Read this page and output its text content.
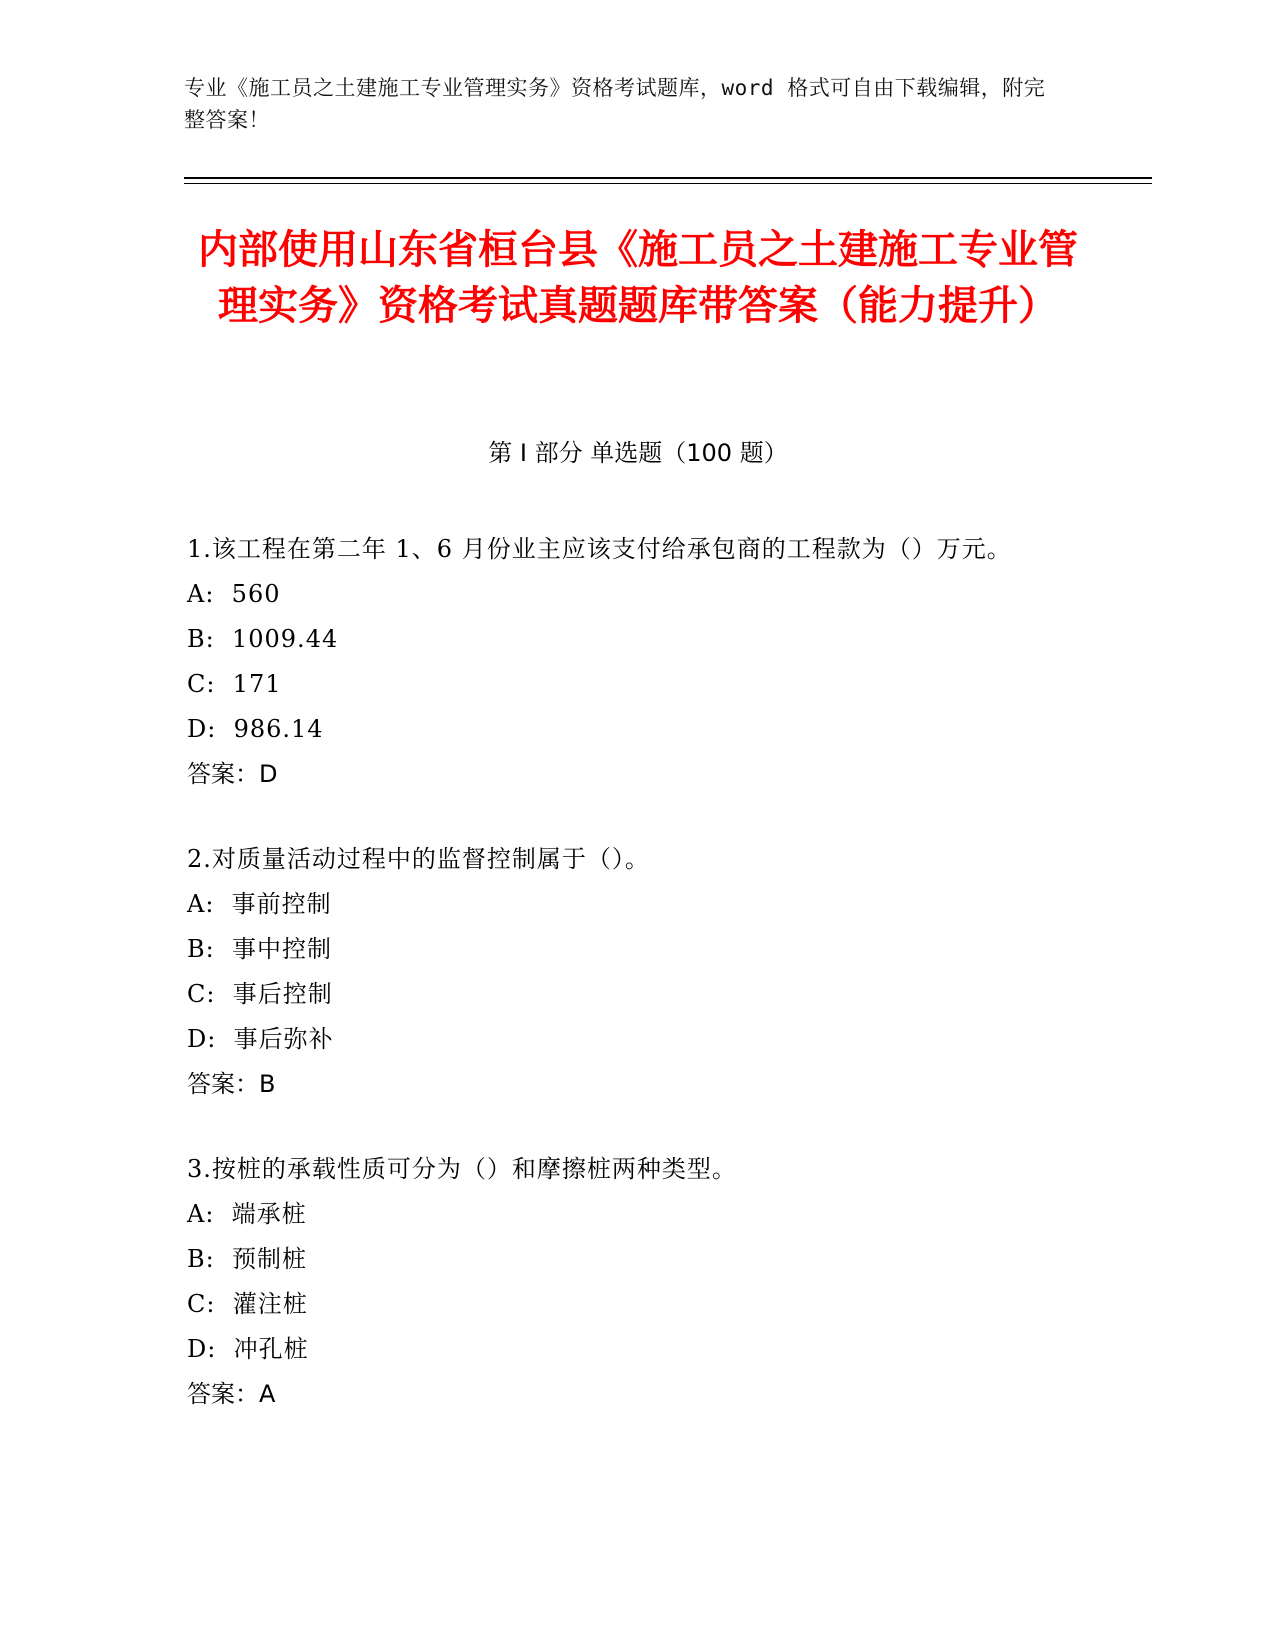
专业《施工员之土建施工专业管理实务》资格考试题库，word 格式可自由下载编辑，附完整答案！
内部使用山东省桓台县《施工员之土建施工专业管理实务》资格考试真题题库带答案（能力提升）
第 I 部分 单选题（100 题）

1.该工程在第二年 1、6 月份业主应该支付给承包商的工程款为（）万元。

A:  560

B:  1009.44

C:  171

D:  986.14

答案：D

2.对质量活动过程中的监督控制属于（）。

A:  事前控制

B:  事中控制

C:  事后控制

D:  事后弥补

答案：B

3.按桩的承载性质可分为（）和摩擦桩两种类型。

A:  端承桩

B:  预制桩

C:  灌注桩

D:  冲孔桩

答案：A
